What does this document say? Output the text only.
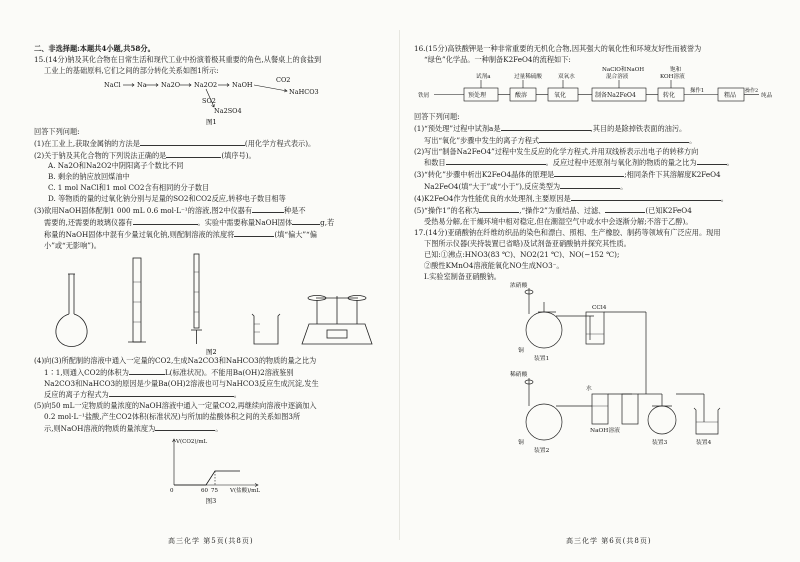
二、非选择题:本题共4小题,共58分。
15.(14分)钠及其化合物在日常生活和现代工业中扮演着极其重要的角色,从餐桌上的食盐到
工业上的基础原料,它们之间的部分转化关系如图1所示:
NaCl	Na Na2O Na2O2 NaOH
CO2
NaHCO3
SO2
Na2SO4
图1
回答下列问题:
(1)在工业上,获取金属钠的方法是	(用化学方程式表示)。
(2)关于钠及其化合物的下列说法正确的是	(填序号)。
A. Na2O和Na2O2中阴阳离子个数比不同
B. 剩余的钠应放回煤油中
C. 1 mol NaCl和1 mol CO2含有相同的分子数目
D. 等物质的量的过氧化钠分别与足量的SO2和CO2反应,转移电子数目相等
(3)欲用NaOH固体配制1 000 mL 0.6 mol·L⁻¹的溶液,图2中仪器有	种是不
需要的,还需要的玻璃仪器有	。实验中需要称量NaOH固体	g,若
称量的NaOH固体中混有少量过氧化钠,则配制溶液的浓度将	(填“偏大”“偏
小”或“无影响”)。
图2
(4)向(3)所配制的溶液中通入一定量的CO2,生成Na2CO3和NaHCO3的物质的量之比为
1∶1,则通入CO2的体积为	L(标准状况)。不能用Ba(OH)2溶液鉴别
Na2CO3和NaHCO3的原因是少量Ba(OH)2溶液也可与NaHCO3反应生成沉淀,发生
反应的离子方程式为	。
(5)向50 mL一定物质的量浓度的NaOH溶液中通入一定量CO2,再继续向溶液中逐滴加入
0.2 mol·L⁻¹盐酸,产生CO2体积(标准状况)与所加的盐酸体积之间的关系如图3所
示,则NaOH溶液的物质的量浓度为	。
V(CO2)/mL
V(盐酸)/mL
0	60 75
图3
高三化学 第5页(共8页)
16.(15分)高铁酸钾是一种非常重要的无机化合物,因其强大的氧化性和环境友好性而被誉为
“绿色”化学品。一种制备K2FeO4的流程如下:
试剂a	过量稀硫酸	双氧水
NaClO和NaOH
混合溶液
饱和
KOH溶液
铁屑	纯品
预处理	酸溶	氧化	制备Na2FeO4	转化
操作1
粗品
操作2
回答下列问题:
(1)“预处理”过程中试剂a是	,其目的是除掉铁表面的油污。
写出“氧化”步骤中发生的离子方程式	。
(2)写出“制备Na2FeO4”过程中发生反应的化学方程式,并用双线桥表示出电子的转移方向
和数目	。反应过程中还原剂与氧化剂的物质的量之比为	。
(3)“转化”步骤中析出K2FeO4晶体的原理是	;相同条件下其溶解度K2FeO4
Na2FeO4(填“大于”或“小于”),反应类型为	。
(4)K2FeO4作为性能优良的水处理剂,主要原因是	。
(5)“操作1”的名称为	,“操作2”为重结晶、过滤、	(已知K2FeO4
受热易分解,在干燥环境中相对稳定,但在潮湿空气中或水中会逐渐分解;不溶于乙醇)。
17.(14分)亚硝酸钠在纤维纺织品的染色和漂白、照相、生产橡胶、制药等领域有广泛应用。现用
下图所示仪器(夹持装置已省略)及试剂备亚硝酸钠并探究其性质。
已知:①沸点:HNO3(83 ℃)、NO2(21 ℃)、NO(−152 ℃);
②酸性KMnO4溶液能氧化NO生成NO3⁻。
Ⅰ.实验室制备亚硝酸钠。
浓硝酸
CCl4
铜
装置1
稀硝酸
水
NaOH溶液
铜
装置2
装置3	装置4
高三化学 第6页(共8页)
